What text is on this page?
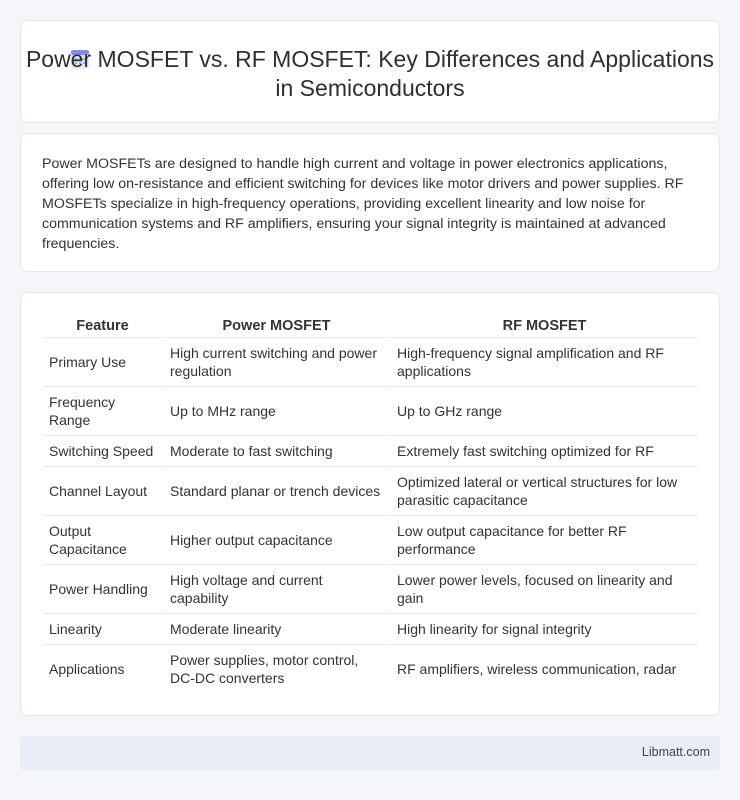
Power MOSFET vs. RF MOSFET: Key Differences and Applications in Semiconductors

Power MOSFETs are designed to handle high current and voltage in power electronics applications, offering low on-resistance and efficient switching for devices like motor drivers and power supplies. RF MOSFETs specialize in high-frequency operations, providing excellent linearity and low noise for communication systems and RF amplifiers, ensuring your signal integrity is maintained at advanced frequencies.

Feature	Power MOSFET	RF MOSFET
Primary Use	High current switching and power regulation	High-frequency signal amplification and RF applications
Frequency Range	Up to MHz range	Up to GHz range
Switching Speed	Moderate to fast switching	Extremely fast switching optimized for RF
Channel Layout	Standard planar or trench devices	Optimized lateral or vertical structures for low parasitic capacitance
Output Capacitance	Higher output capacitance	Low output capacitance for better RF performance
Power Handling	High voltage and current capability	Lower power levels, focused on linearity and gain
Linearity	Moderate linearity	High linearity for signal integrity
Applications	Power supplies, motor control, DC-DC converters	RF amplifiers, wireless communication, radar
Libmatt.com
